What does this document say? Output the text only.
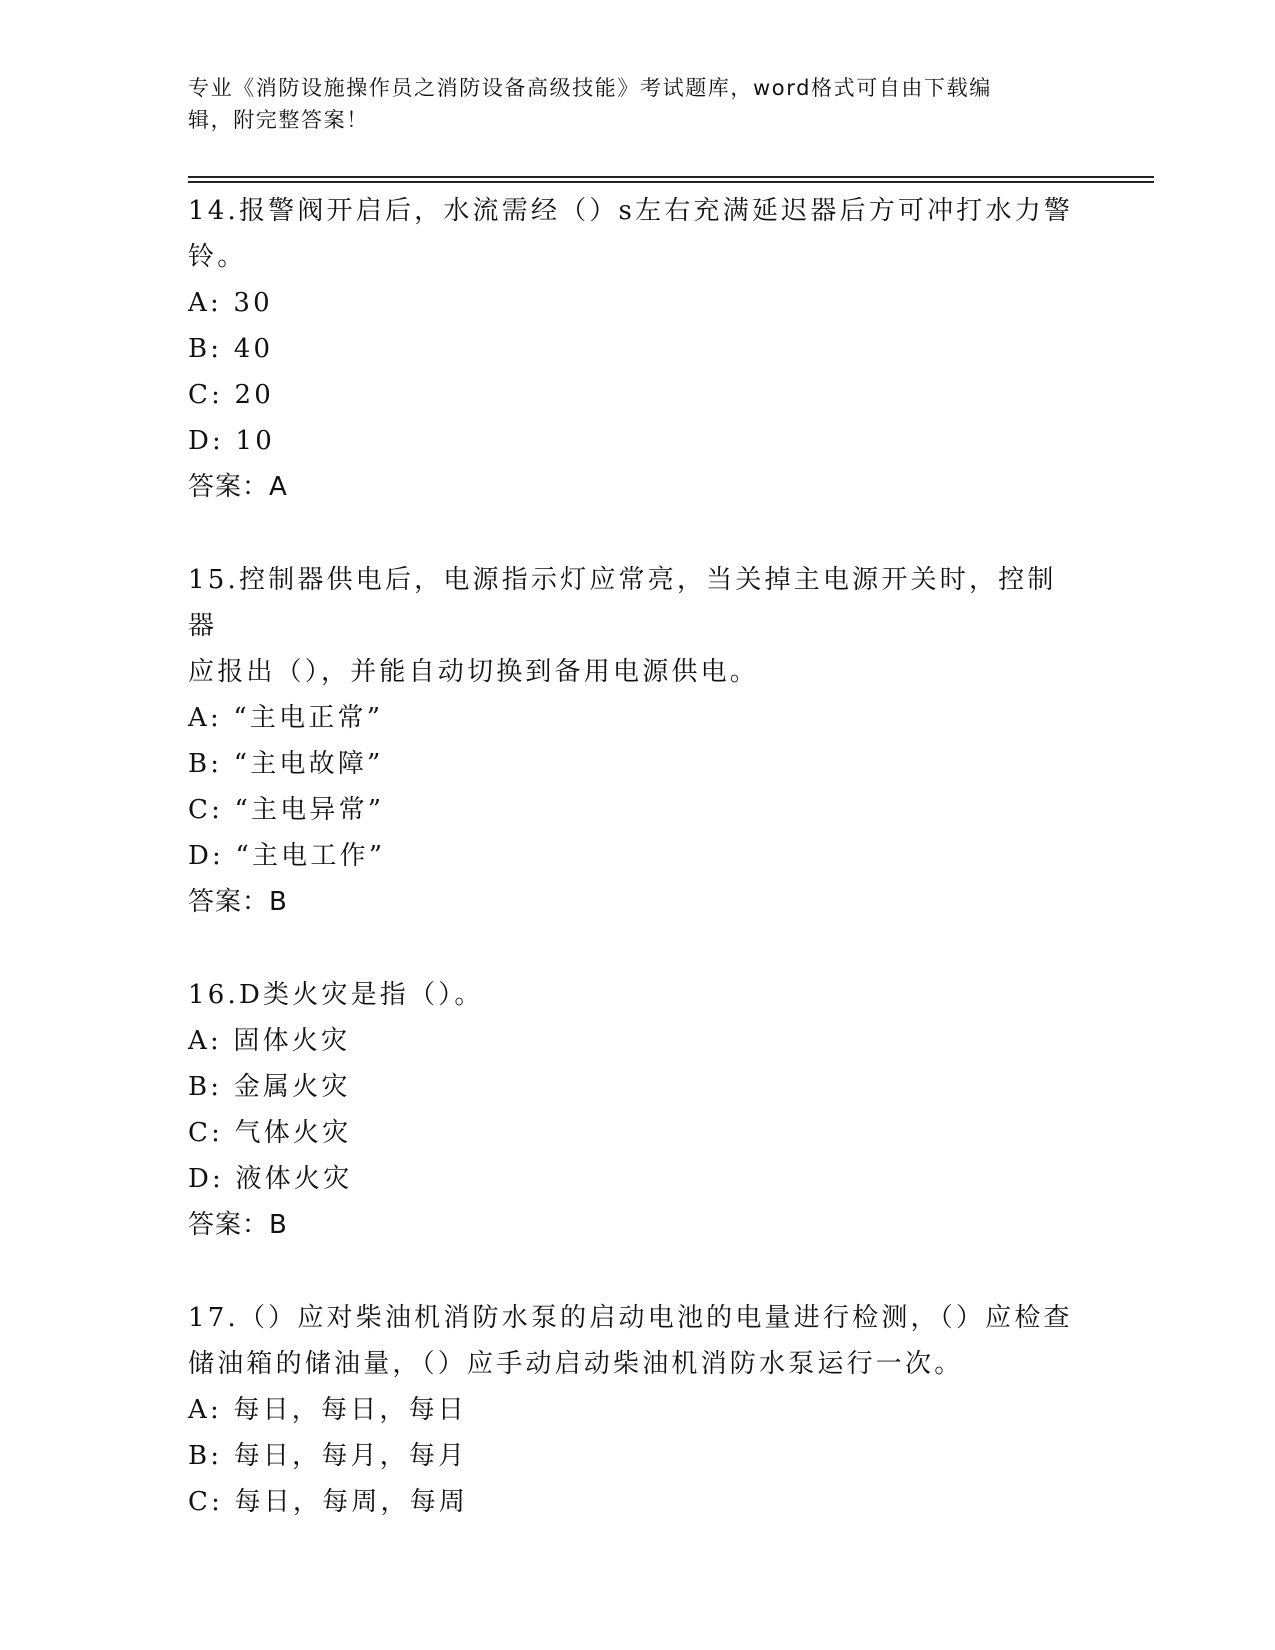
专业《消防设施操作员之消防设备高级技能》考试题库，word格式可自由下载编
辑，附完整答案！

14.报警阀开启后，水流需经（）s左右充满延迟器后方可冲打水力警
铃。

A: 30

B: 40

C: 20

D: 10

答案：A

15.控制器供电后，电源指示灯应常亮，当关掉主电源开关时，控制器
应报出（），并能自动切换到备用电源供电。

A: “主电正常”

B: “主电故障”

C: “主电异常”

D: “主电工作”

答案：B

16.D类火灾是指（）。

A: 固体火灾

B: 金属火灾

C: 气体火灾

D: 液体火灾

答案：B

17.（）应对柴油机消防水泵的启动电池的电量进行检测，（）应检查
储油箱的储油量，（）应手动启动柴油机消防水泵运行一次。

A: 每日，每日，每日

B: 每日，每月，每月

C: 每日，每周，每周
